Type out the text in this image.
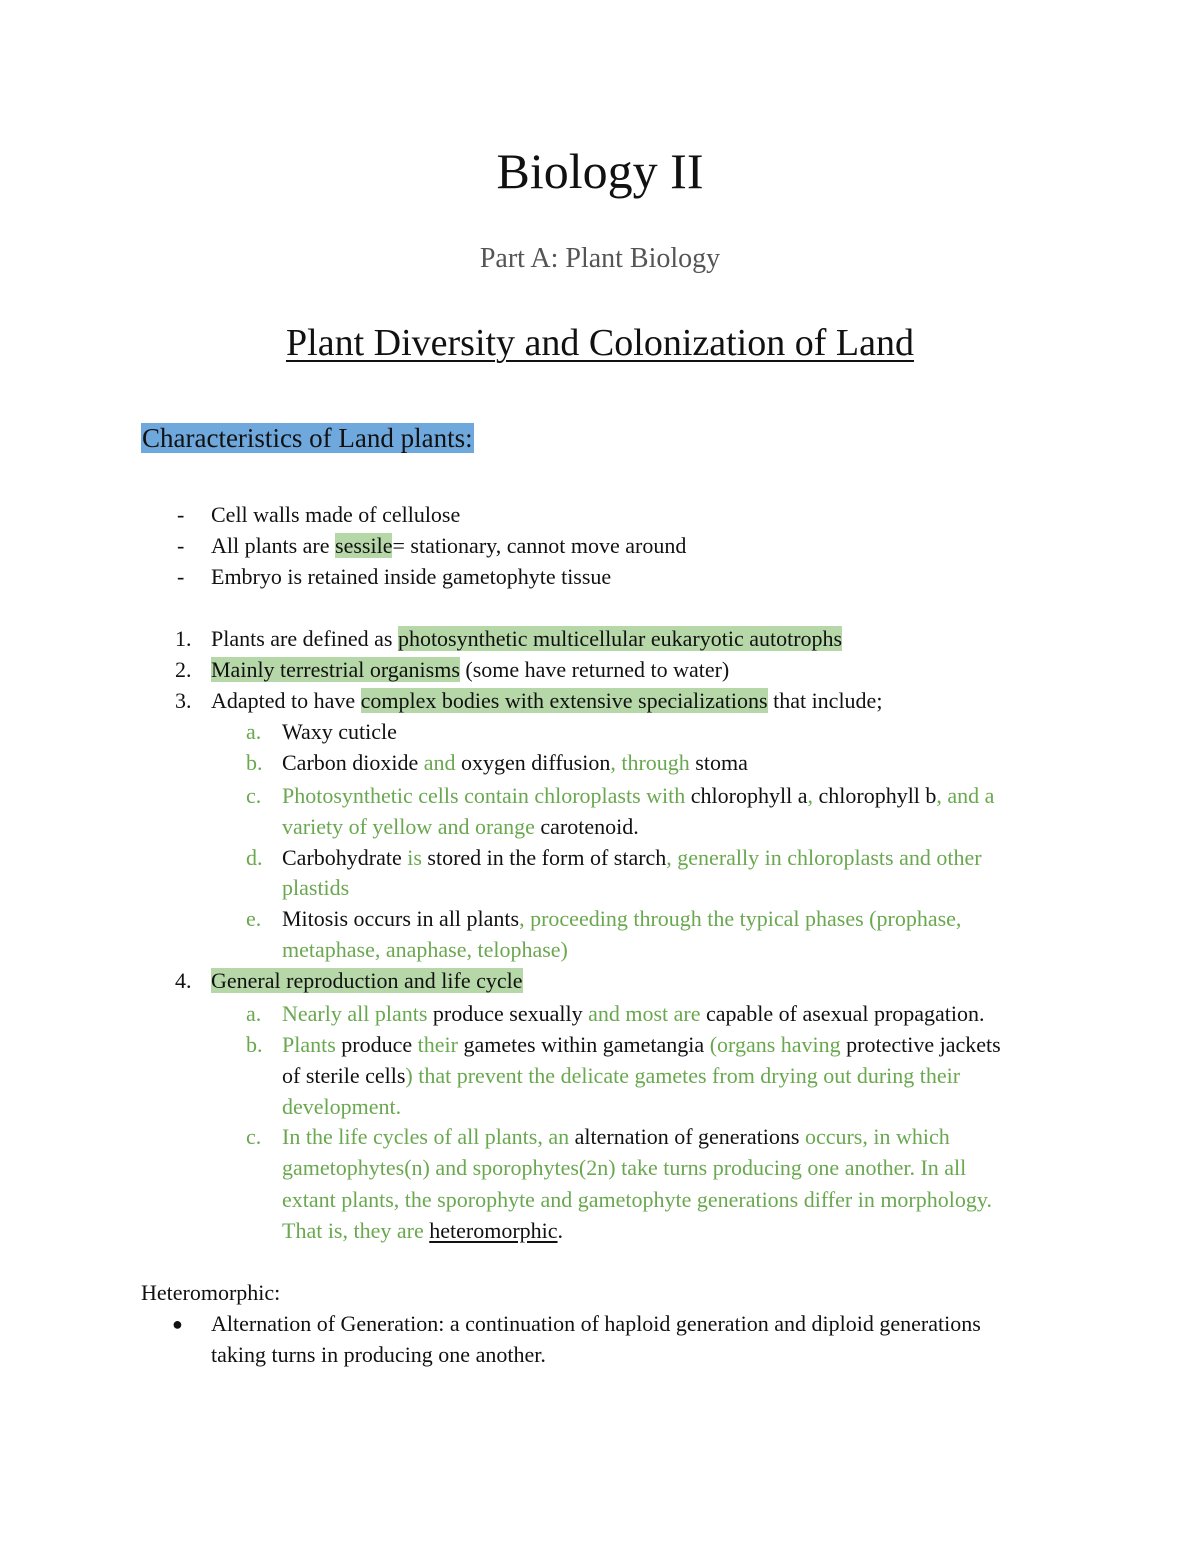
Biology II
Part A: Plant Biology
Plant Diversity and Colonization of Land
Characteristics of Land plants:
- Cell walls made of cellulose
- All plants are sessile= stationary, cannot move around
- Embryo is retained inside gametophyte tissue
1. Plants are defined as photosynthetic multicellular eukaryotic autotrophs
2. Mainly terrestrial organisms (some have returned to water)
3. Adapted to have complex bodies with extensive specializations that include;
a. Waxy cuticle
b. Carbon dioxide and oxygen diffusion, through stoma
c. Photosynthetic cells contain chloroplasts with chlorophyll a, chlorophyll b, and a
variety of yellow and orange carotenoid.
d. Carbohydrate is stored in the form of starch, generally in chloroplasts and other
plastids
e. Mitosis occurs in all plants, proceeding through the typical phases (prophase,
metaphase, anaphase, telophase)
4. General reproduction and life cycle
a. Nearly all plants produce sexually and most are capable of asexual propagation.
b. Plants produce their gametes within gametangia (organs having protective jackets
of sterile cells) that prevent the delicate gametes from drying out during their
development.
c. In the life cycles of all plants, an alternation of generations occurs, in which
gametophytes(n) and sporophytes(2n) take turns producing one another. In all
extant plants, the sporophyte and gametophyte generations differ in morphology.
That is, they are heteromorphic.
Heteromorphic:
● Alternation of Generation: a continuation of haploid generation and diploid generations
taking turns in producing one another.
